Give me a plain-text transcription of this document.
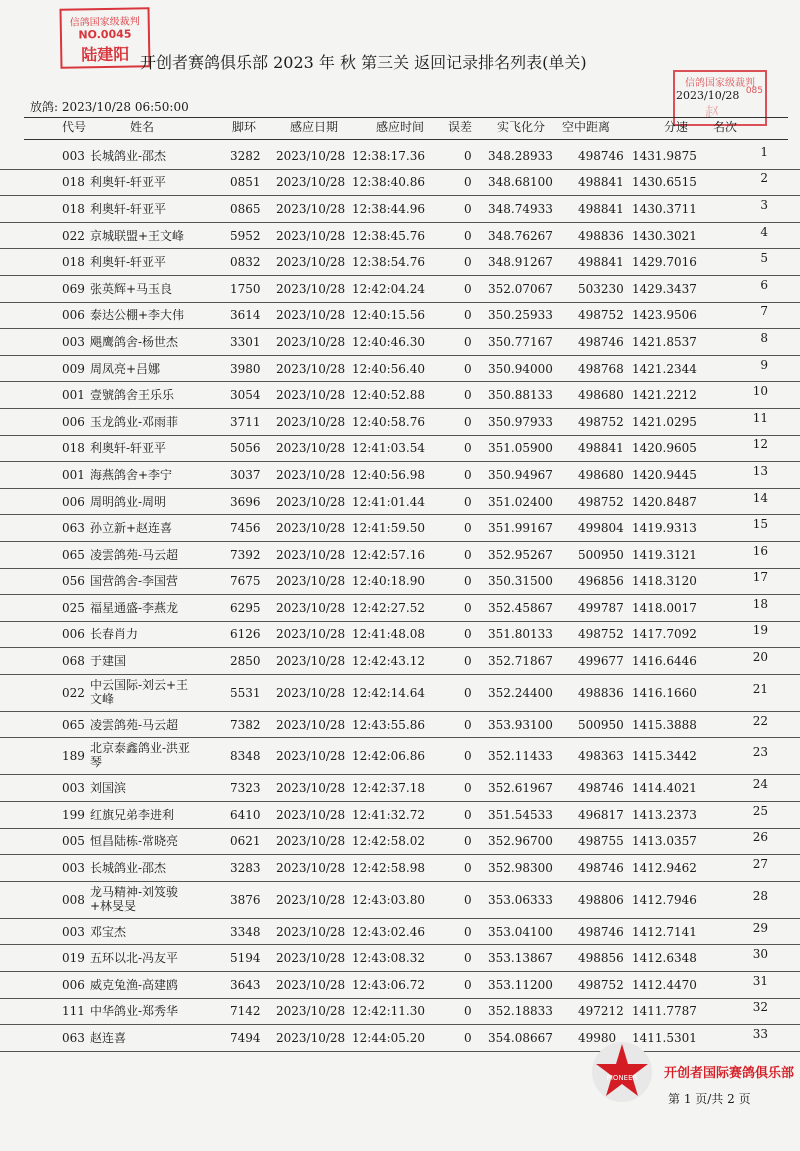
信鸽国家级裁判
NO.0045
陆建阳
信鸽国家级裁判
085
赵
开创者赛鸽俱乐部 2023 年 秋 第三关 返回记录排名列表(单关)
2023/10/28
放鸽: 2023/10/28 06:50:00
代号	姓名	脚环	感应日期	感应时间 误差 实飞化分 空中距离	分速 名次
003 长城鸽业-邵杰	3282 2023/10/28 12:38:17.36	0 348.28933 498746 1431.9875	1
018 利奥轩-轩亚平	0851 2023/10/28 12:38:40.86	0 348.68100 498841 1430.6515	2
018 利奥轩-轩亚平	0865 2023/10/28 12:38:44.96	0 348.74933 498841 1430.3711	3
022 京城联盟+王文峰	5952 2023/10/28 12:38:45.76	0 348.76267 498836 1430.3021	4
018 利奥轩-轩亚平	0832 2023/10/28 12:38:54.76	0 348.91267 498841 1429.7016	5
069 张英辉+马玉良	1750 2023/10/28 12:42:04.24	0 352.07067 503230 1429.3437	6
006 泰达公棚+李大伟	3614 2023/10/28 12:40:15.56	0 350.25933 498752 1423.9506	7
003 飓鹰鸽舍-杨世杰	3301 2023/10/28 12:40:46.30	0 350.77167 498746 1421.8537	8
009 周凤亮+吕娜	3980 2023/10/28 12:40:56.40	0 350.94000 498768 1421.2344	9
001 壹號鸽舍王乐乐	3054 2023/10/28 12:40:52.88	0 350.88133 498680 1421.2212	10
006 玉龙鸽业-邓雨菲	3711 2023/10/28 12:40:58.76	0 350.97933 498752 1421.0295	11
018 利奥轩-轩亚平	5056 2023/10/28 12:41:03.54	0 351.05900 498841 1420.9605	12
001 海燕鸽舍+李宁	3037 2023/10/28 12:40:56.98	0 350.94967 498680 1420.9445	13
006 周明鸽业-周明	3696 2023/10/28 12:41:01.44	0 351.02400 498752 1420.8487	14
063 孙立新+赵连喜	7456 2023/10/28 12:41:59.50	0 351.99167 499804 1419.9313	15
065 凌雲鸽苑-马云超	7392 2023/10/28 12:42:57.16	0 352.95267 500950 1419.3121	16
056 国营鸽舍-李国营	7675 2023/10/28 12:40:18.90	0 350.31500 496856 1418.3120	17
025 福星通盛-李燕龙	6295 2023/10/28 12:42:27.52	0 352.45867 499787 1418.0017	18
006 长春肖力	6126 2023/10/28 12:41:48.08	0 351.80133 498752 1417.7092	19
068 于建国	2850 2023/10/28 12:42:43.12	0 352.71867 499677 1416.6446	20
022
中云国际-刘云+王文峰	5531 2023/10/28 12:42:14.64	0 352.24400 498836 1416.1660	21
065 凌雲鸽苑-马云超	7382 2023/10/28 12:43:55.86	0 353.93100 500950 1415.3888	22
189
北京泰鑫鸽业-洪亚琴	8348 2023/10/28 12:42:06.86	0 352.11433 498363 1415.3442	23
003 刘国滨	7323 2023/10/28 12:42:37.18	0 352.61967 498746 1414.4021	24
199 红旗兄弟李进利	6410 2023/10/28 12:41:32.72	0 351.54533 496817 1413.2373	25
005 恒昌陆栋-常晓亮	0621 2023/10/28 12:42:58.02	0 352.96700 498755 1413.0357	26
003 长城鸽业-邵杰	3283 2023/10/28 12:42:58.98	0 352.98300 498746 1412.9462	27
008
龙马精神-刘笈骏+林旻旻	3876 2023/10/28 12:43:03.80	0 353.06333 498806 1412.7946	28
003 邓宝杰	3348 2023/10/28 12:43:02.46	0 353.04100 498746 1412.7141	29
019 五环以北-冯友平	5194 2023/10/28 12:43:08.32	0 353.13867 498856 1412.6348	30
006 威克兔渔-高建鸥	3643 2023/10/28 12:43:06.72	0 353.11200 498752 1412.4470	31
111 中华鸽业-郑秀华	7142 2023/10/28 12:42:11.30	0 352.18833 497212 1411.7787	32
063 赵连喜	7494 2023/10/28 12:44:05.20	0 354.08667 49980 1411.5301	33
PIONEER 开创者国际赛鸽俱乐部
第 1 页/共 2 页
